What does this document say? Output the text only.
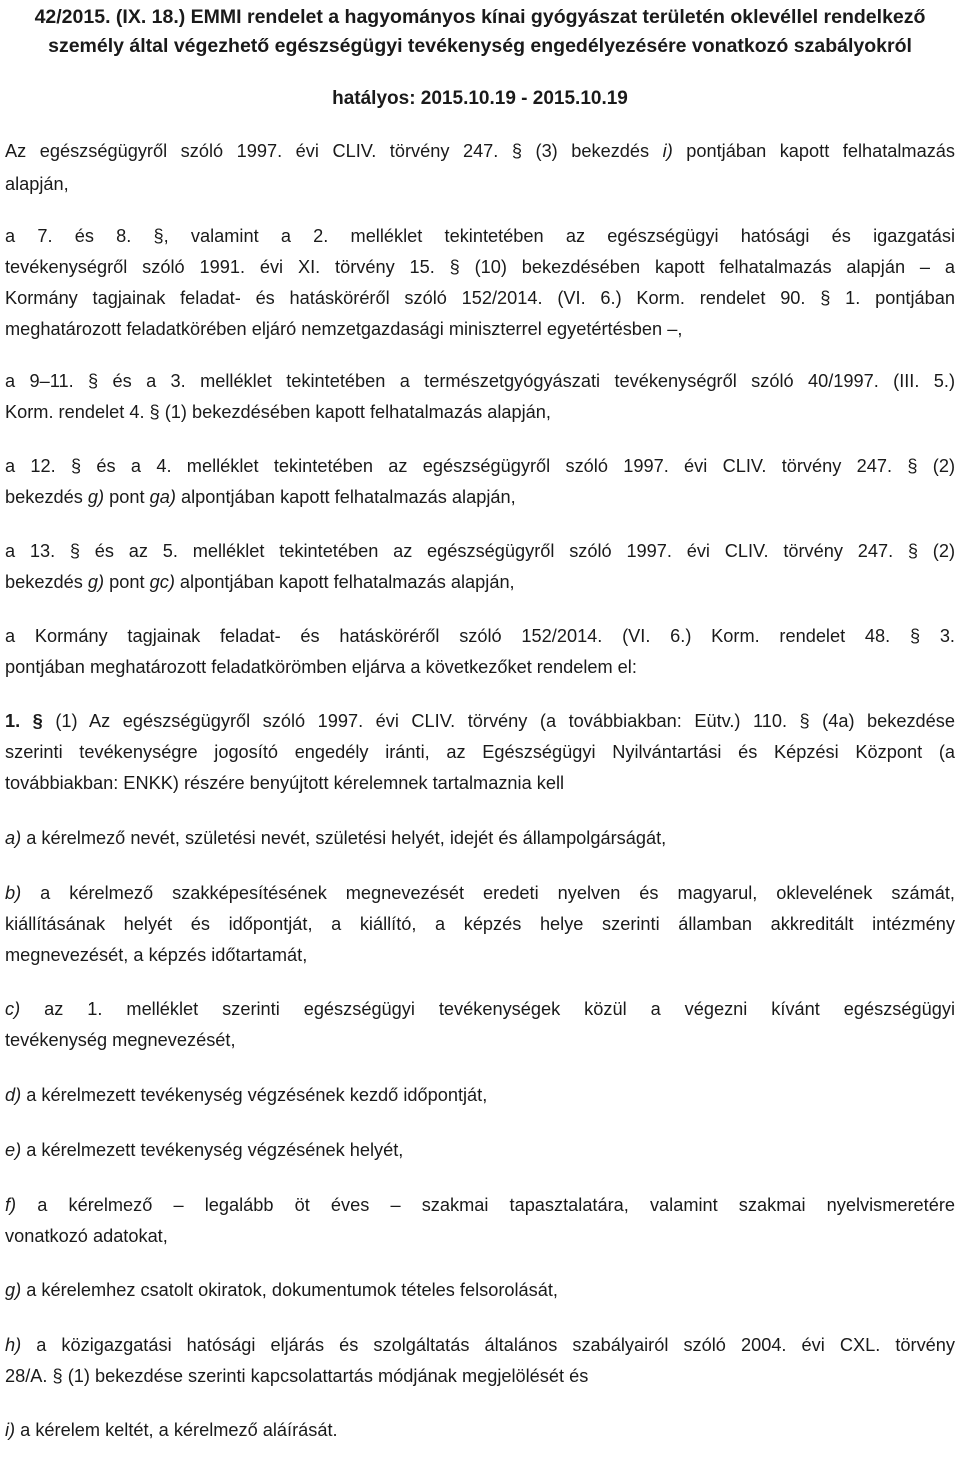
42/2015. (IX. 18.) EMMI rendelet a hagyományos kínai gyógyászat területén oklevéllel rendelkező
személy által végezhető egészségügyi tevékenység engedélyezésére vonatkozó szabályokról
hatályos: 2015.10.19 - 2015.10.19
Az egészségügyről szóló 1997. évi CLIV. törvény 247. § (3) bekezdés i) pontjában kapott felhatalmazás
alapján,
a 7. és 8. §, valamint a 2. melléklet tekintetében az egészségügyi hatósági és igazgatási
tevékenységről szóló 1991. évi XI. törvény 15. § (10) bekezdésében kapott felhatalmazás alapján – a
Kormány tagjainak feladat- és hatásköréről szóló 152/2014. (VI. 6.) Korm. rendelet 90. § 1. pontjában
meghatározott feladatkörében eljáró nemzetgazdasági miniszterrel egyetértésben –,
a 9–11. § és a 3. melléklet tekintetében a természetgyógyászati tevékenységről szóló 40/1997. (III. 5.)
Korm. rendelet 4. § (1) bekezdésében kapott felhatalmazás alapján,
a 12. § és a 4. melléklet tekintetében az egészségügyről szóló 1997. évi CLIV. törvény 247. § (2)
bekezdés g) pont ga) alpontjában kapott felhatalmazás alapján,
a 13. § és az 5. melléklet tekintetében az egészségügyről szóló 1997. évi CLIV. törvény 247. § (2)
bekezdés g) pont gc) alpontjában kapott felhatalmazás alapján,
a Kormány tagjainak feladat- és hatásköréről szóló 152/2014. (VI. 6.) Korm. rendelet 48. § 3.
pontjában meghatározott feladatkörömben eljárva a következőket rendelem el:
1. § (1) Az egészségügyről szóló 1997. évi CLIV. törvény (a továbbiakban: Eütv.) 110. § (4a) bekezdése
szerinti tevékenységre jogosító engedély iránti, az Egészségügyi Nyilvántartási és Képzési Központ (a
továbbiakban: ENKK) részére benyújtott kérelemnek tartalmaznia kell
a) a kérelmező nevét, születési nevét, születési helyét, idejét és állampolgárságát,
b) a kérelmező szakképesítésének megnevezését eredeti nyelven és magyarul, oklevelének számát,
kiállításának helyét és időpontját, a kiállító, a képzés helye szerinti államban akkreditált intézmény
megnevezését, a képzés időtartamát,
c) az 1. melléklet szerinti egészségügyi tevékenységek közül a végezni kívánt egészségügyi
tevékenység megnevezését,
d) a kérelmezett tevékenység végzésének kezdő időpontját,
e) a kérelmezett tevékenység végzésének helyét,
f) a kérelmező – legalább öt éves – szakmai tapasztalatára, valamint szakmai nyelvismeretére
vonatkozó adatokat,
g) a kérelemhez csatolt okiratok, dokumentumok tételes felsorolását,
h) a közigazgatási hatósági eljárás és szolgáltatás általános szabályairól szóló 2004. évi CXL. törvény
28/A. § (1) bekezdése szerinti kapcsolattartás módjának megjelölését és
i) a kérelem keltét, a kérelmező aláírását.
